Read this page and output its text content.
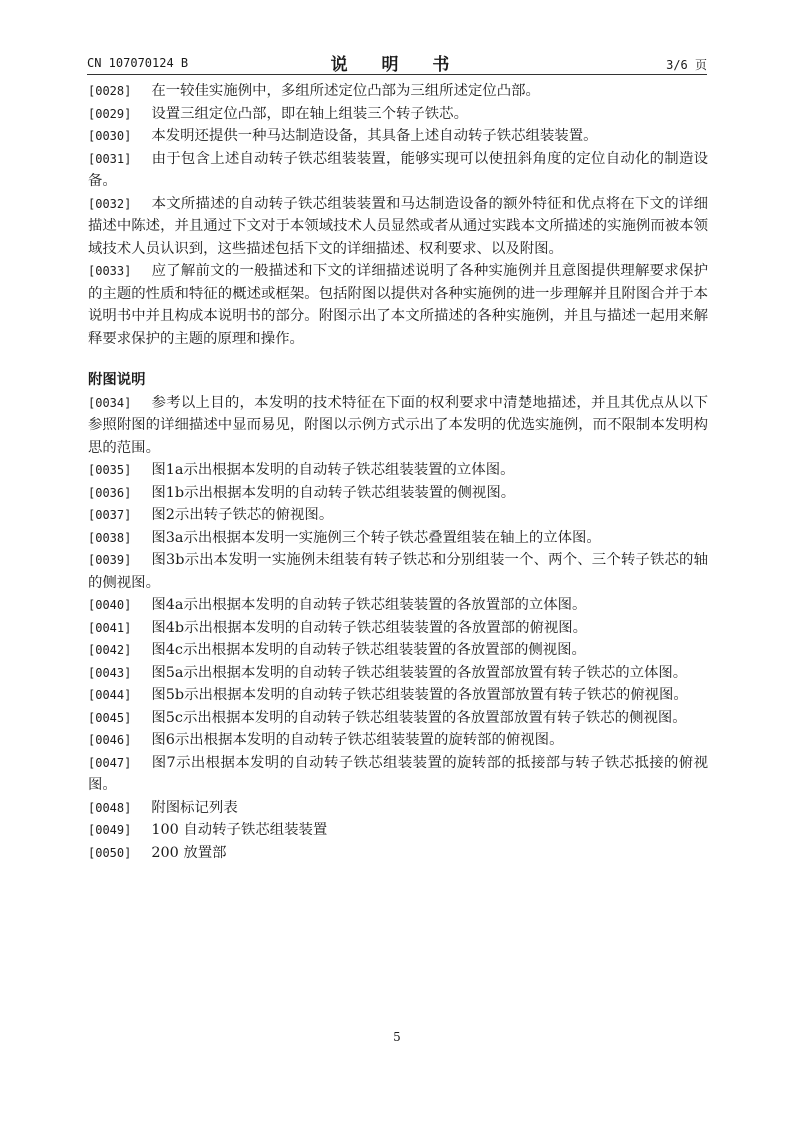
CN 107070124 B	说 明 书	3/6 页

[0028] 在一较佳实施例中，多组所述定位凸部为三组所述定位凸部。

[0029] 设置三组定位凸部，即在轴上组装三个转子铁芯。

[0030] 本发明还提供一种马达制造设备，其具备上述自动转子铁芯组装装置。

[0031] 由于包含上述自动转子铁芯组装装置，能够实现可以使扭斜角度的定位自动化的制造设备。

[0032] 本文所描述的自动转子铁芯组装装置和马达制造设备的额外特征和优点将在下文的详细描述中陈述，并且通过下文对于本领域技术人员显然或者从通过实践本文所描述的实施例而被本领域技术人员认识到，这些描述包括下文的详细描述、权利要求、以及附图。

[0033] 应了解前文的一般描述和下文的详细描述说明了各种实施例并且意图提供理解要求保护的主题的性质和特征的概述或框架。包括附图以提供对各种实施例的进一步理解并且附图合并于本说明书中并且构成本说明书的部分。附图示出了本文所描述的各种实施例，并且与描述一起用来解释要求保护的主题的原理和操作。

附图说明

[0034] 参考以上目的，本发明的技术特征在下面的权利要求中清楚地描述，并且其优点从以下参照附图的详细描述中显而易见，附图以示例方式示出了本发明的优选实施例，而不限制本发明构思的范围。

[0035] 图1a示出根据本发明的自动转子铁芯组装装置的立体图。

[0036] 图1b示出根据本发明的自动转子铁芯组装装置的侧视图。

[0037] 图2示出转子铁芯的俯视图。

[0038] 图3a示出根据本发明一实施例三个转子铁芯叠置组装在轴上的立体图。

[0039] 图3b示出本发明一实施例未组装有转子铁芯和分别组装一个、两个、三个转子铁芯的轴的侧视图。

[0040] 图4a示出根据本发明的自动转子铁芯组装装置的各放置部的立体图。

[0041] 图4b示出根据本发明的自动转子铁芯组装装置的各放置部的俯视图。

[0042] 图4c示出根据本发明的自动转子铁芯组装装置的各放置部的侧视图。

[0043] 图5a示出根据本发明的自动转子铁芯组装装置的各放置部放置有转子铁芯的立体图。

[0044] 图5b示出根据本发明的自动转子铁芯组装装置的各放置部放置有转子铁芯的俯视图。

[0045] 图5c示出根据本发明的自动转子铁芯组装装置的各放置部放置有转子铁芯的侧视图。

[0046] 图6示出根据本发明的自动转子铁芯组装装置的旋转部的俯视图。

[0047] 图7示出根据本发明的自动转子铁芯组装装置的旋转部的抵接部与转子铁芯抵接的俯视图。

[0048] 附图标记列表

[0049] 100 自动转子铁芯组装装置

[0050] 200 放置部

5
